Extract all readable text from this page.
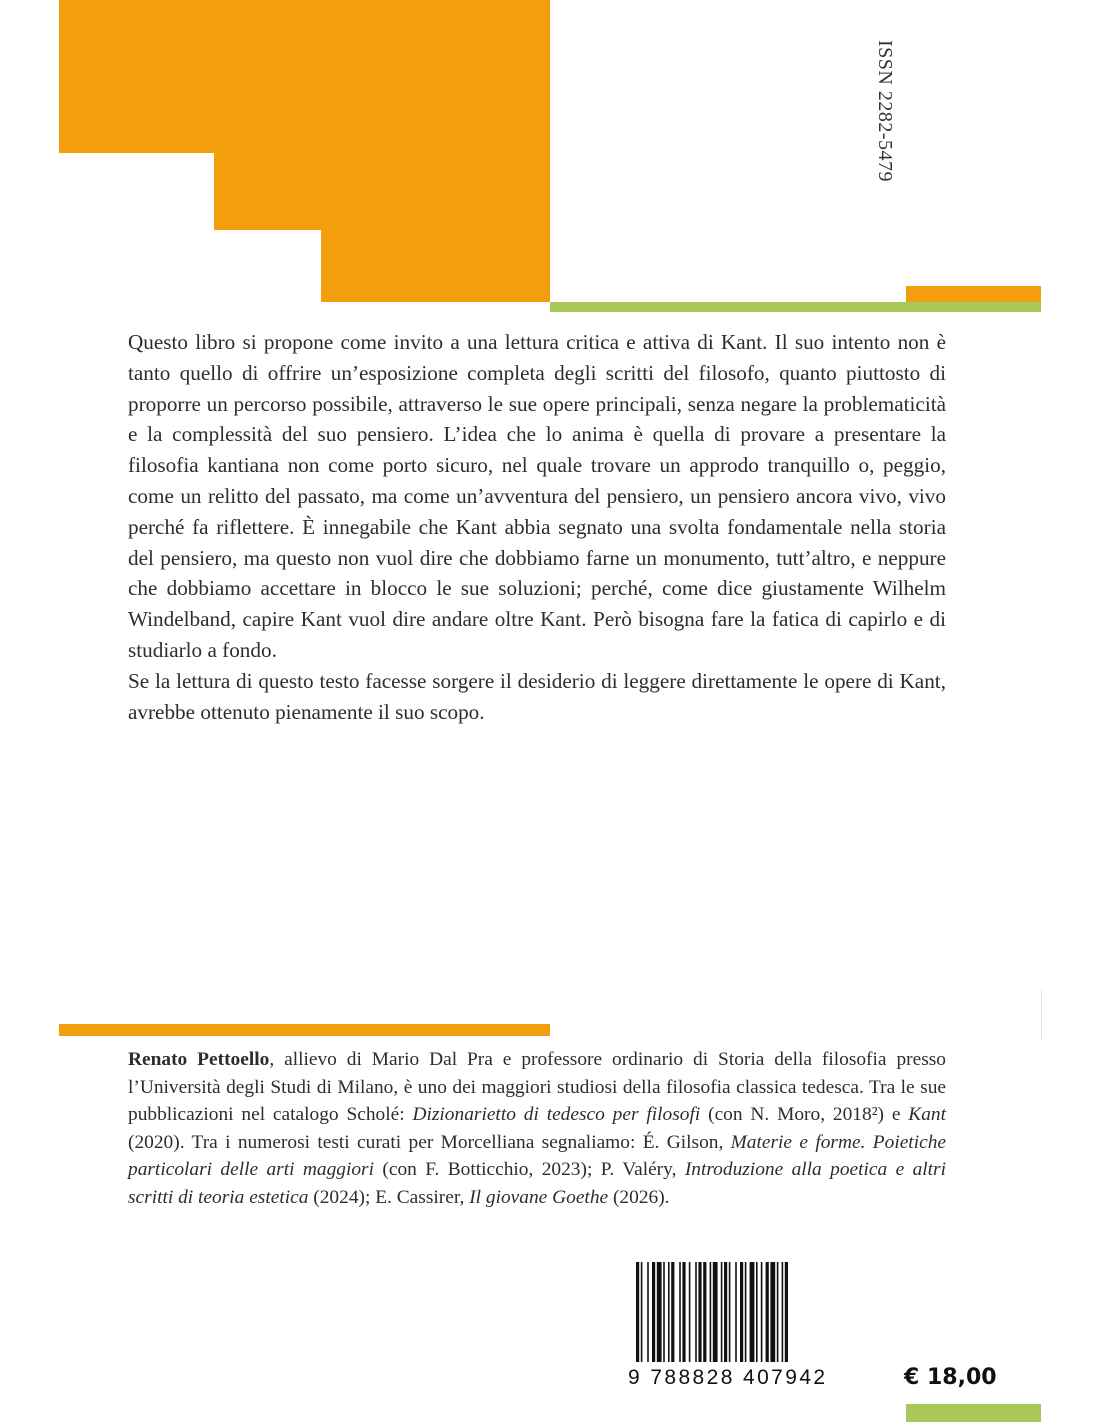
ISSN 2282-5479

Questo libro si propone come invito a una lettura critica e attiva di Kant. Il suo intento non è tanto quello di offrire un’esposizione completa degli scritti del filosofo, quanto piuttosto di proporre un percorso possibile, attraverso le sue opere principali, senza negare la problematicità e la complessità del suo pensiero. L’idea che lo anima è quella di provare a presentare la filosofia kantiana non come porto sicuro, nel quale trovare un approdo tranquillo o, peggio, come un relitto del passato, ma come un’avventura del pensiero, un pensiero ancora vivo, vivo perché fa riflettere. È innegabile che Kant abbia segnato una svolta fondamentale nella storia del pensiero, ma questo non vuol dire che dobbiamo farne un monumento, tutt’altro, e neppure che dobbiamo accettare in blocco le sue soluzioni; perché, come dice giustamente Wilhelm Windelband, capire Kant vuol dire andare oltre Kant. Però bisogna fare la fatica di capirlo e di studiarlo a fondo.

Se la lettura di questo testo facesse sorgere il desiderio di leggere direttamente le opere di Kant, avrebbe ottenuto pienamente il suo scopo.

Renato Pettoello, allievo di Mario Dal Pra e professore ordinario di Storia della filosofia presso l’Università degli Studi di Milano, è uno dei maggiori studiosi della filosofia classica tedesca. Tra le sue pubblicazioni nel catalogo Scholé: Dizionarietto di tedesco per filosofi (con N. Moro, 2018²) e Kant (2020). Tra i numerosi testi curati per Morcelliana segnaliamo: É. Gilson, Materie e forme. Poietiche particolari delle arti maggiori (con F. Botticchio, 2023); P. Valéry, Introduzione alla poetica e altri scritti di teoria estetica (2024); E. Cassirer, Il giovane Goethe (2026).

9 788828 407942	€ 18,00
